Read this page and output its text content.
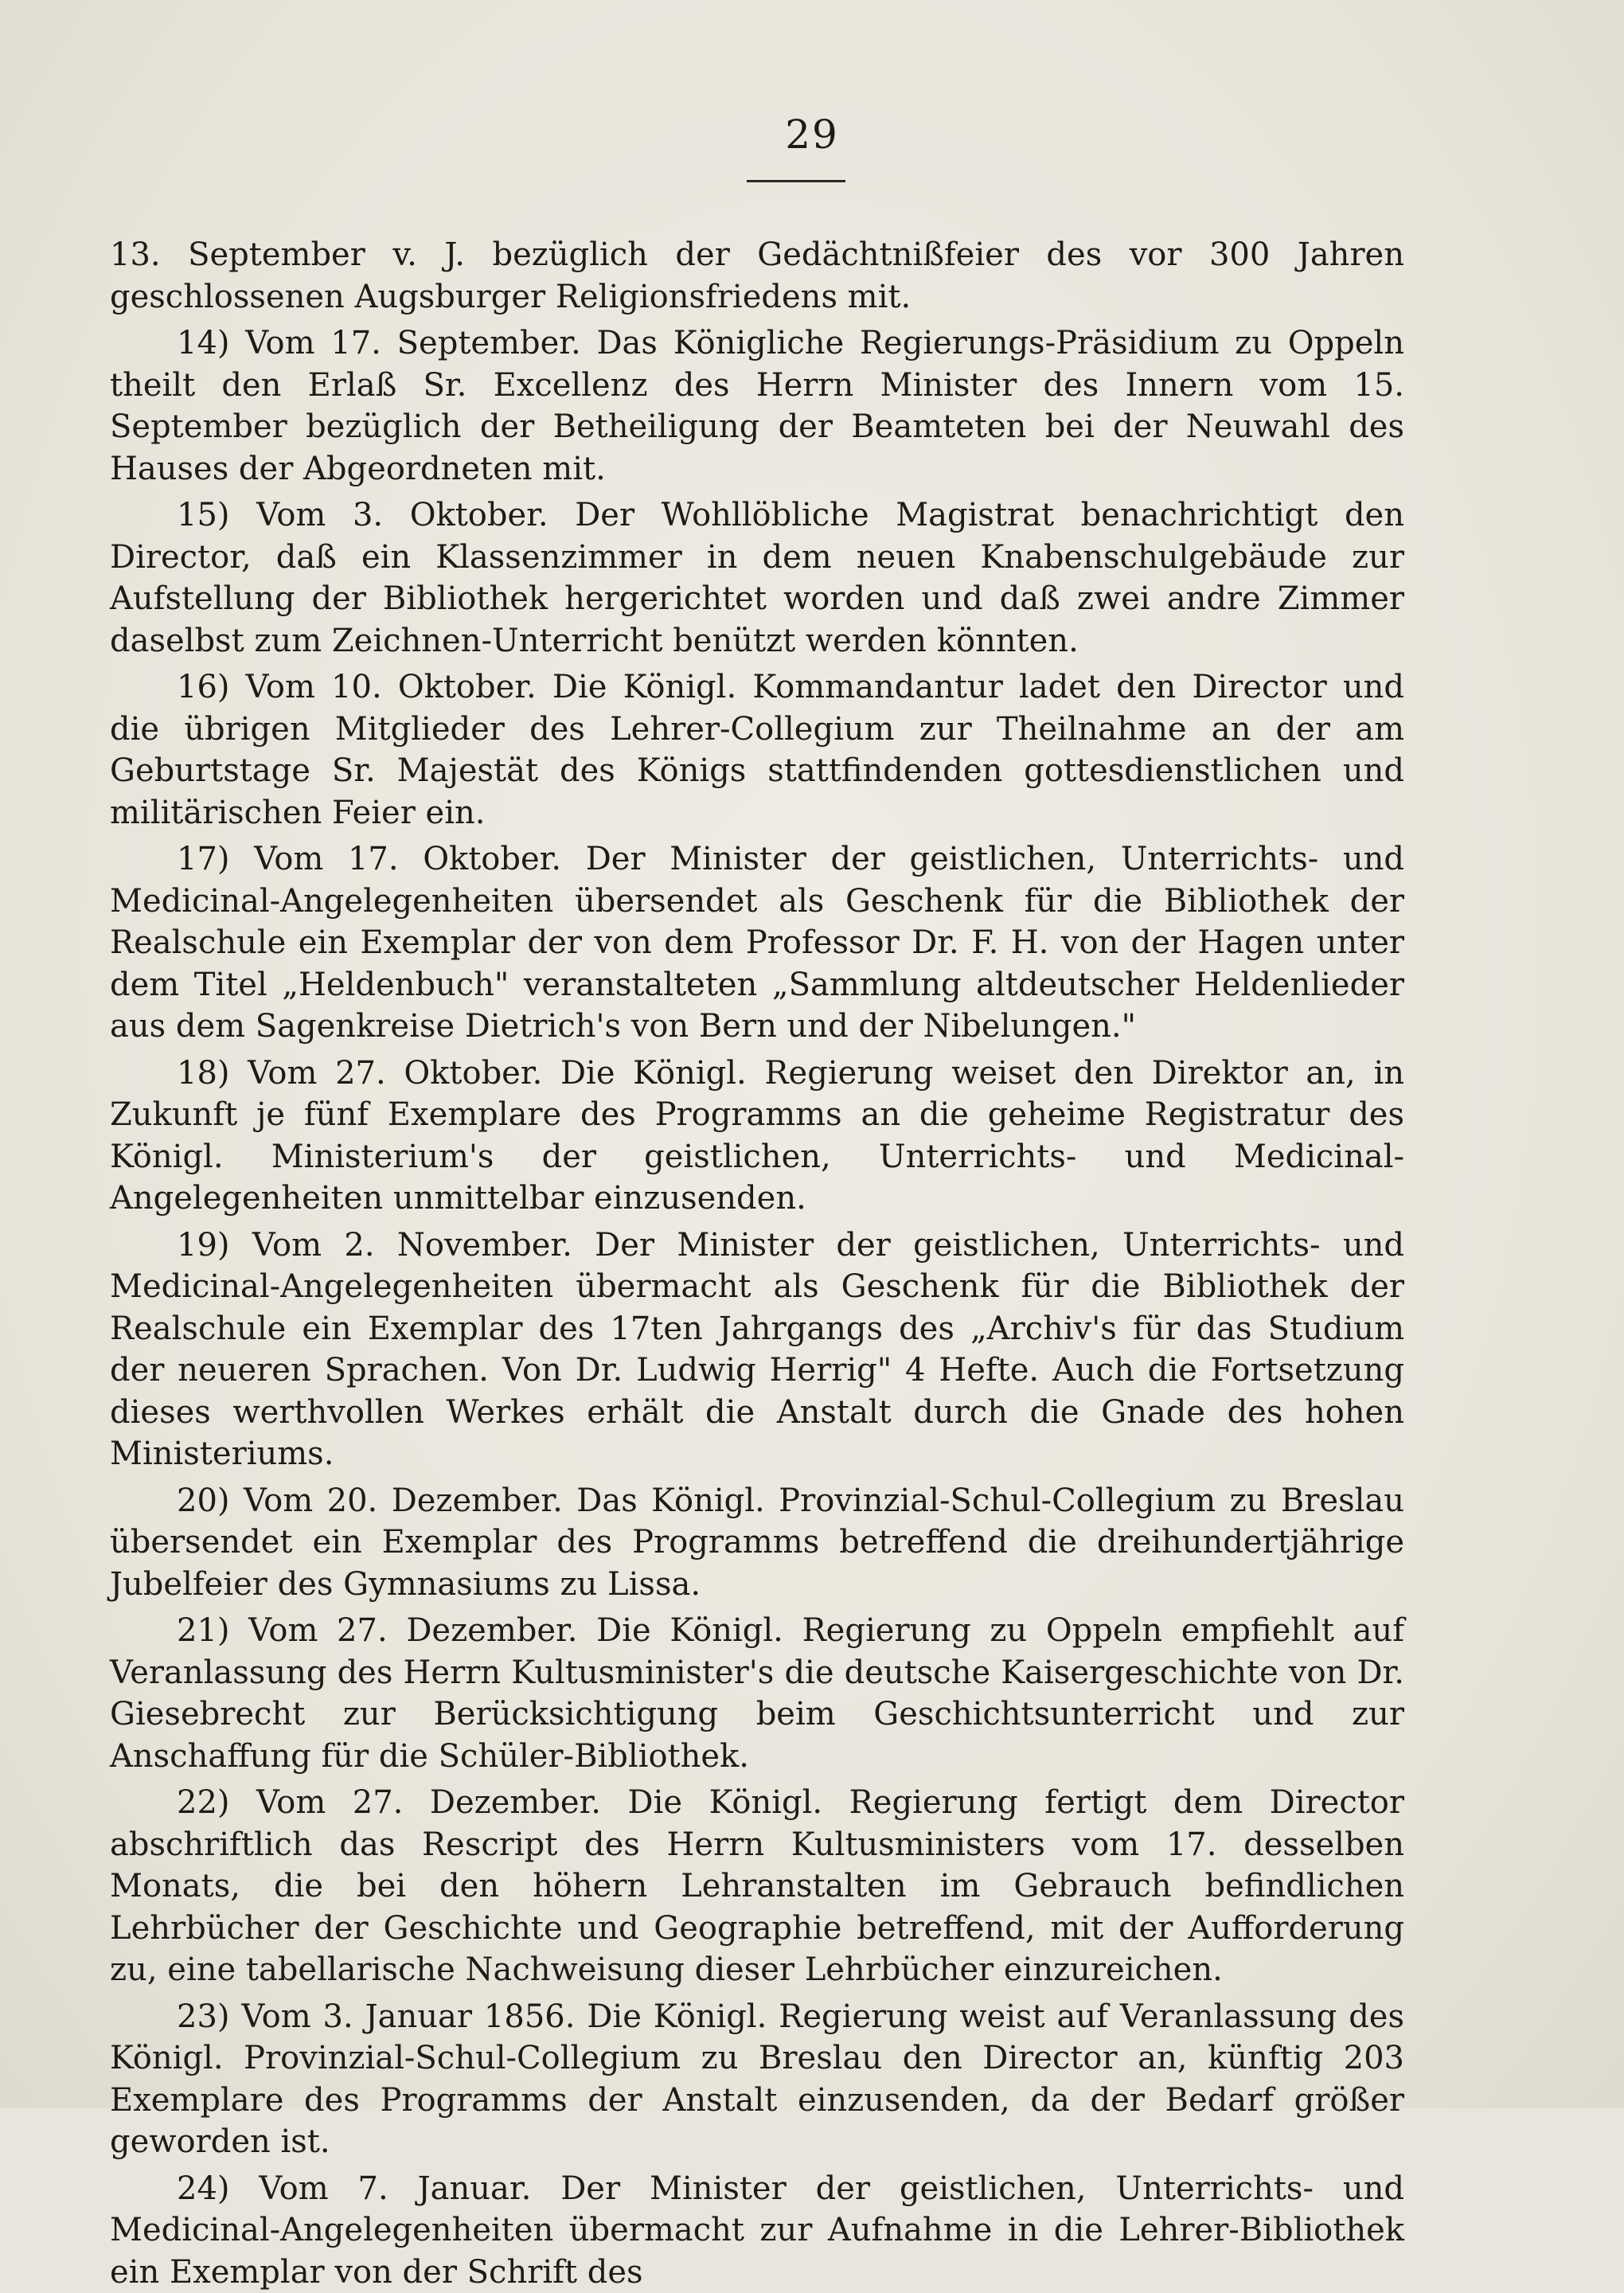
29

13. September v. J. bezüglich der Gedächtnißfeier des vor 300 Jahren geschlossenen Augsburger Religionsfriedens mit.

14) Vom 17. September. Das Königliche Regierungs-Präsidium zu Oppeln theilt den Erlaß Sr. Excellenz des Herrn Minister des Innern vom 15. September bezüglich der Betheiligung der Beamteten bei der Neuwahl des Hauses der Abgeordneten mit.

15) Vom 3. Oktober. Der Wohllöbliche Magistrat benachrichtigt den Director, daß ein Klassenzimmer in dem neuen Knabenschulgebäude zur Aufstellung der Bibliothek hergerichtet worden und daß zwei andre Zimmer daselbst zum Zeichnen-Unterricht benützt werden könnten.

16) Vom 10. Oktober. Die Königl. Kommandantur ladet den Director und die übrigen Mitglieder des Lehrer-Collegium zur Theilnahme an der am Geburtstage Sr. Majestät des Königs stattfindenden gottesdienstlichen und militärischen Feier ein.

17) Vom 17. Oktober. Der Minister der geistlichen, Unterrichts- und Medicinal-Angelegenheiten übersendet als Geschenk für die Bibliothek der Realschule ein Exemplar der von dem Professor Dr. F. H. von der Hagen unter dem Titel „Heldenbuch" veranstalteten „Sammlung altdeutscher Heldenlieder aus dem Sagenkreise Dietrich's von Bern und der Nibelungen."

18) Vom 27. Oktober. Die Königl. Regierung weiset den Direktor an, in Zukunft je fünf Exemplare des Programms an die geheime Registratur des Königl. Ministerium's der geistlichen, Unterrichts- und Medicinal-Angelegenheiten unmittelbar einzusenden.

19) Vom 2. November. Der Minister der geistlichen, Unterrichts- und Medicinal-Angelegenheiten übermacht als Geschenk für die Bibliothek der Realschule ein Exemplar des 17ten Jahrgangs des „Archiv's für das Studium der neueren Sprachen. Von Dr. Ludwig Herrig" 4 Hefte. Auch die Fortsetzung dieses werthvollen Werkes erhält die Anstalt durch die Gnade des hohen Ministeriums.

20) Vom 20. Dezember. Das Königl. Provinzial-Schul-Collegium zu Breslau übersendet ein Exemplar des Programms betreffend die dreihundertjährige Jubelfeier des Gymnasiums zu Lissa.

21) Vom 27. Dezember. Die Königl. Regierung zu Oppeln empfiehlt auf Veranlassung des Herrn Kultusminister's die deutsche Kaisergeschichte von Dr. Giesebrecht zur Berücksichtigung beim Geschichtsunterricht und zur Anschaffung für die Schüler-Bibliothek.

22) Vom 27. Dezember. Die Königl. Regierung fertigt dem Director abschriftlich das Rescript des Herrn Kultusministers vom 17. desselben Monats, die bei den höhern Lehranstalten im Gebrauch befindlichen Lehrbücher der Geschichte und Geographie betreffend, mit der Aufforderung zu, eine tabellarische Nachweisung dieser Lehrbücher einzureichen.

23) Vom 3. Januar 1856. Die Königl. Regierung weist auf Veranlassung des Königl. Provinzial-Schul-Collegium zu Breslau den Director an, künftig 203 Exemplare des Programms der Anstalt einzusenden, da der Bedarf größer geworden ist.

24) Vom 7. Januar. Der Minister der geistlichen, Unterrichts- und Medicinal-Angelegenheiten übermacht zur Aufnahme in die Lehrer-Bibliothek ein Exemplar von der Schrift des
